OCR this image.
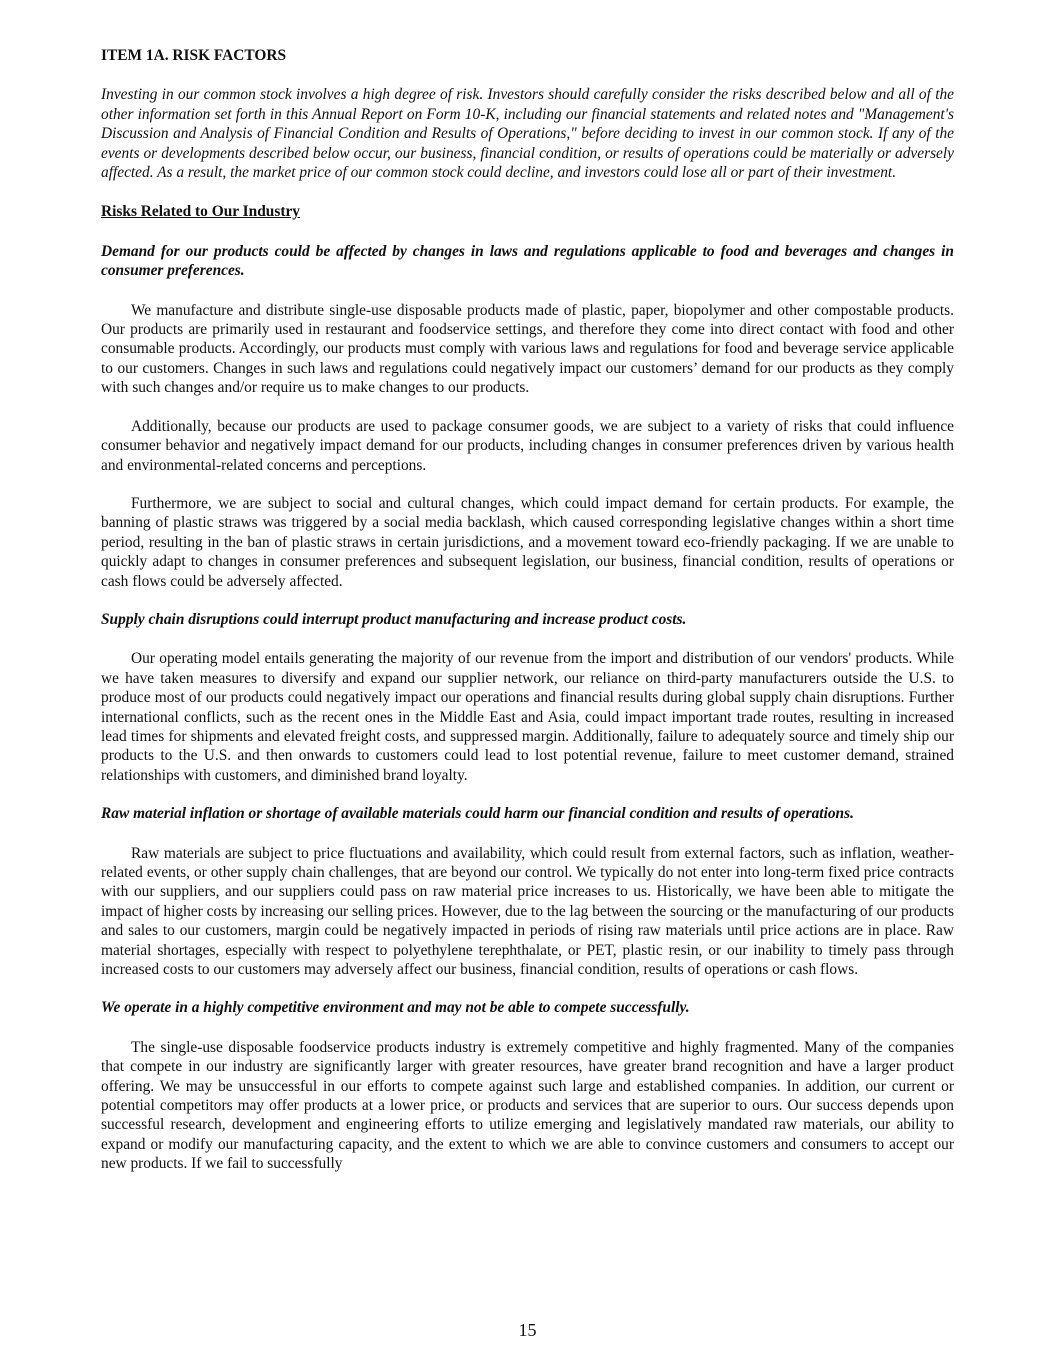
ITEM 1A. RISK FACTORS

Investing in our common stock involves a high degree of risk. Investors should carefully consider the risks described below and all of the other information set forth in this Annual Report on Form 10-K, including our financial statements and related notes and "Management's Discussion and Analysis of Financial Condition and Results of Operations," before deciding to invest in our common stock. If any of the events or developments described below occur, our business, financial condition, or results of operations could be materially or adversely affected. As a result, the market price of our common stock could decline, and investors could lose all or part of their investment.

Risks Related to Our Industry

Demand for our products could be affected by changes in laws and regulations applicable to food and beverages and changes in consumer preferences.

We manufacture and distribute single-use disposable products made of plastic, paper, biopolymer and other compostable products. Our products are primarily used in restaurant and foodservice settings, and therefore they come into direct contact with food and other consumable products. Accordingly, our products must comply with various laws and regulations for food and beverage service applicable to our customers. Changes in such laws and regulations could negatively impact our customers’ demand for our products as they comply with such changes and/or require us to make changes to our products.

Additionally, because our products are used to package consumer goods, we are subject to a variety of risks that could influence consumer behavior and negatively impact demand for our products, including changes in consumer preferences driven by various health and environmental-related concerns and perceptions.

Furthermore, we are subject to social and cultural changes, which could impact demand for certain products. For example, the banning of plastic straws was triggered by a social media backlash, which caused corresponding legislative changes within a short time period, resulting in the ban of plastic straws in certain jurisdictions, and a movement toward eco-friendly packaging. If we are unable to quickly adapt to changes in consumer preferences and subsequent legislation, our business, financial condition, results of operations or cash flows could be adversely affected.

Supply chain disruptions could interrupt product manufacturing and increase product costs.

Our operating model entails generating the majority of our revenue from the import and distribution of our vendors' products. While we have taken measures to diversify and expand our supplier network, our reliance on third-party manufacturers outside the U.S. to produce most of our products could negatively impact our operations and financial results during global supply chain disruptions. Further international conflicts, such as the recent ones in the Middle East and Asia, could impact important trade routes, resulting in increased lead times for shipments and elevated freight costs, and suppressed margin. Additionally, failure to adequately source and timely ship our products to the U.S. and then onwards to customers could lead to lost potential revenue, failure to meet customer demand, strained relationships with customers, and diminished brand loyalty.

Raw material inflation or shortage of available materials could harm our financial condition and results of operations.

Raw materials are subject to price fluctuations and availability, which could result from external factors, such as inflation, weather-related events, or other supply chain challenges, that are beyond our control. We typically do not enter into long-term fixed price contracts with our suppliers, and our suppliers could pass on raw material price increases to us. Historically, we have been able to mitigate the impact of higher costs by increasing our selling prices. However, due to the lag between the sourcing or the manufacturing of our products and sales to our customers, margin could be negatively impacted in periods of rising raw materials until price actions are in place. Raw material shortages, especially with respect to polyethylene terephthalate, or PET, plastic resin, or our inability to timely pass through increased costs to our customers may adversely affect our business, financial condition, results of operations or cash flows.

We operate in a highly competitive environment and may not be able to compete successfully.

The single-use disposable foodservice products industry is extremely competitive and highly fragmented. Many of the companies that compete in our industry are significantly larger with greater resources, have greater brand recognition and have a larger product offering. We may be unsuccessful in our efforts to compete against such large and established companies. In addition, our current or potential competitors may offer products at a lower price, or products and services that are superior to ours. Our success depends upon successful research, development and engineering efforts to utilize emerging and legislatively mandated raw materials, our ability to expand or modify our manufacturing capacity, and the extent to which we are able to convince customers and consumers to accept our new products. If we fail to successfully

15
